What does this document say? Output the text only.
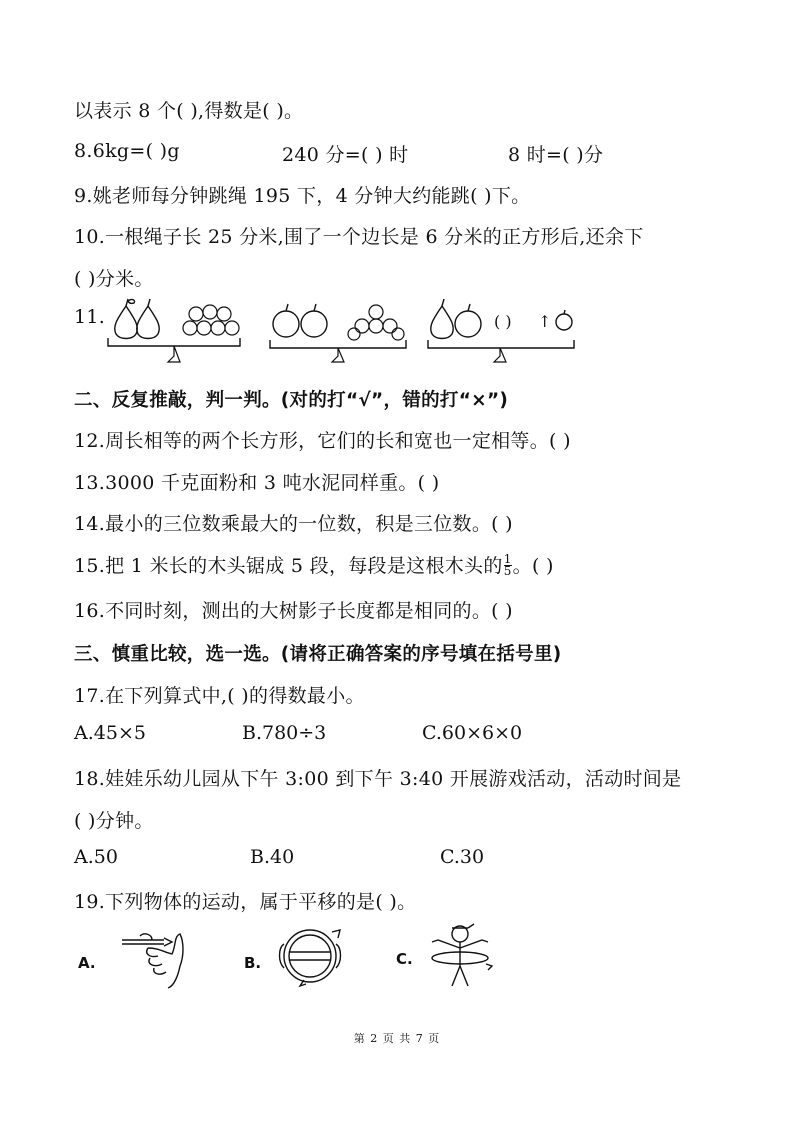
以表示 8 个( ),得数是( )。
8.6kg=( )g	240 分=( ) 时	8 时=( )分
9.姚老师每分钟跳绳 195 下，4 分钟大约能跳( )下。
10.一根绳子长 25 分米,围了一个边长是 6 分米的正方形后,还余下
( )分米。
11.	( ) ↑
二、反复推敲，判一判。(对的打“√”，错的打“×”)
12.周长相等的两个长方形，它们的长和宽也一定相等。( )
13.3000 千克面粉和 3 吨水泥同样重。( )
14.最小的三位数乘最大的一位数，积是三位数。( )
15.把 1 米长的木头锯成 5 段，每段是这根木头的 $\frac{1}{5}$ 。( )
16.不同时刻，测出的大树影子长度都是相同的。( )
三、慎重比较，选一选。(请将正确答案的序号填在括号里)
17.在下列算式中,( )的得数最小。
A.45×5	B.780÷3	C.60×6×0
18.娃娃乐幼儿园从下午 3:00 到下午 3:40 开展游戏活动，活动时间是
( )分钟。
A.50	B.40	C.30
19.下列物体的运动，属于平移的是( )。
A.	B.	C.
第 2 页 共 7 页
